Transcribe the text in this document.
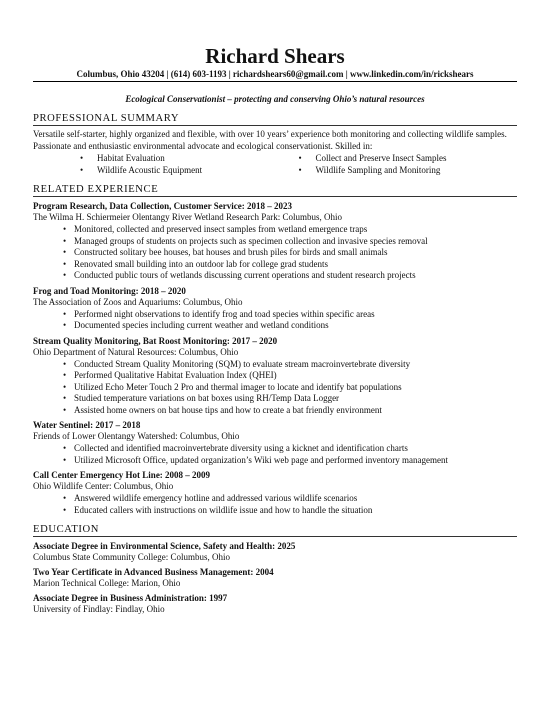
Richard Shears
Columbus, Ohio 43204 | (614) 603-1193 | richardshears60@gmail.com | www.linkedin.com/in/rickshears
Ecological Conservationist – protecting and conserving Ohio’s natural resources
PROFESSIONAL SUMMARY
Versatile self-starter, highly organized and flexible, with over 10 years’ experience both monitoring and collecting wildlife samples. Passionate and enthusiastic environmental advocate and ecological conservationist. Skilled in:
• Habitat Evaluation	• Collect and Preserve Insect Samples
• Wildlife Acoustic Equipment	• Wildlife Sampling and Monitoring
RELATED EXPERIENCE
Program Research, Data Collection, Customer Service: 2018 – 2023
The Wilma H. Schiermeier Olentangy River Wetland Research Park: Columbus, Ohio
• Monitored, collected and preserved insect samples from wetland emergence traps
• Managed groups of students on projects such as specimen collection and invasive species removal
• Constructed solitary bee houses, bat houses and brush piles for birds and small animals
• Renovated small building into an outdoor lab for college grad students
• Conducted public tours of wetlands discussing current operations and student research projects
Frog and Toad Monitoring: 2018 – 2020
The Association of Zoos and Aquariums: Columbus, Ohio
• Performed night observations to identify frog and toad species within specific areas
• Documented species including current weather and wetland conditions
Stream Quality Monitoring, Bat Roost Monitoring: 2017 – 2020
Ohio Department of Natural Resources: Columbus, Ohio
• Conducted Stream Quality Monitoring (SQM) to evaluate stream macroinvertebrate diversity
• Performed Qualitative Habitat Evaluation Index (QHEI)
• Utilized Echo Meter Touch 2 Pro and thermal imager to locate and identify bat populations
• Studied temperature variations on bat boxes using RH/Temp Data Logger
• Assisted home owners on bat house tips and how to create a bat friendly environment
Water Sentinel: 2017 – 2018
Friends of Lower Olentangy Watershed: Columbus, Ohio
• Collected and identified macroinvertebrate diversity using a kicknet and identification charts
• Utilized Microsoft Office, updated organization’s Wiki web page and performed inventory management
Call Center Emergency Hot Line: 2008 – 2009
Ohio Wildlife Center: Columbus, Ohio
• Answered wildlife emergency hotline and addressed various wildlife scenarios
• Educated callers with instructions on wildlife issue and how to handle the situation
EDUCATION
Associate Degree in Environmental Science, Safety and Health: 2025
Columbus State Community College: Columbus, Ohio
Two Year Certificate in Advanced Business Management: 2004
Marion Technical College: Marion, Ohio
Associate Degree in Business Administration: 1997
University of Findlay: Findlay, Ohio
